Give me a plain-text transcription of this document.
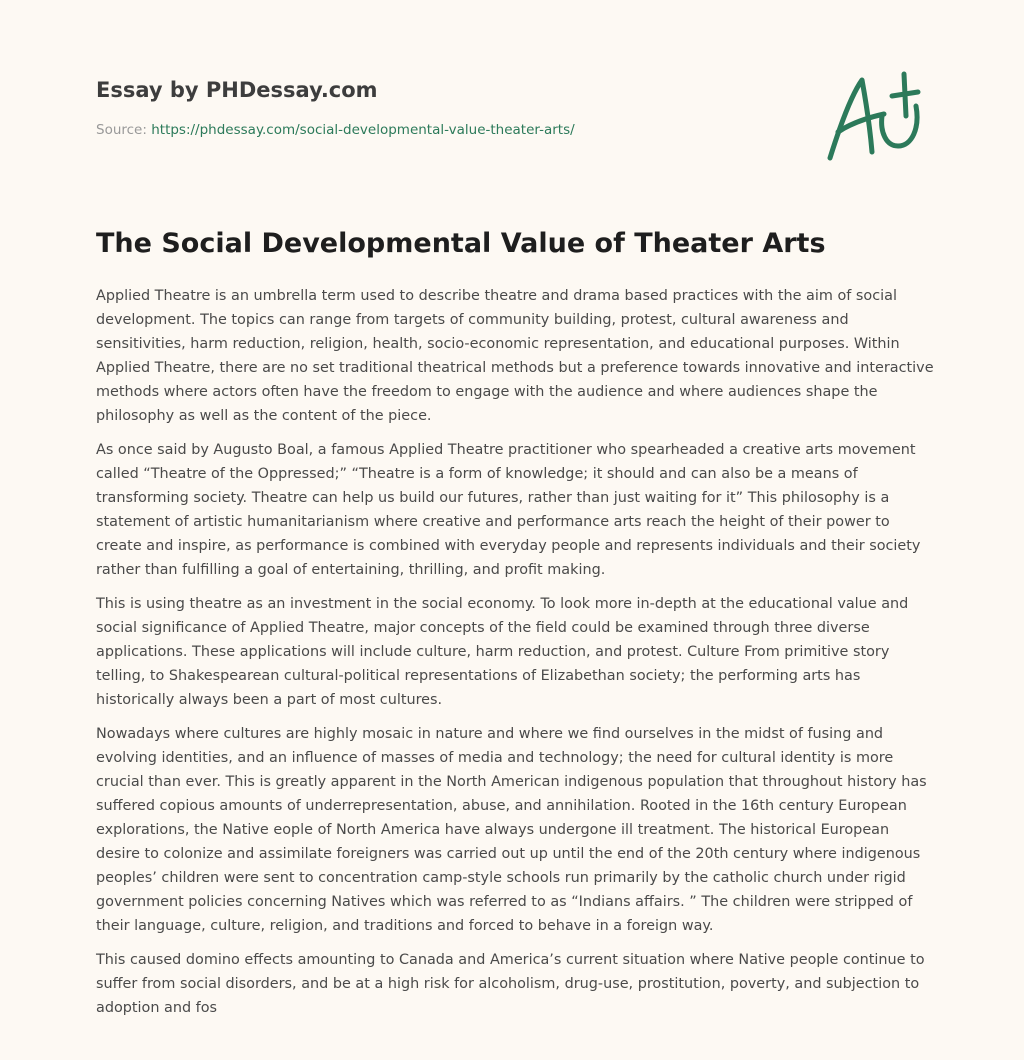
Essay by PHDessay.com
Source: https://phdessay.com/social-developmental-value-theater-arts/
The Social Developmental Value of Theater Arts

Applied Theatre is an umbrella term used to describe theatre and drama based practices with the aim of social development. The topics can range from targets of community building, protest, cultural awareness and sensitivities, harm reduction, religion, health, socio-economic representation, and educational purposes. Within Applied Theatre, there are no set traditional theatrical methods but a preference towards innovative and interactive methods where actors often have the freedom to engage with the audience and where audiences shape the philosophy as well as the content of the piece.

As once said by Augusto Boal, a famous Applied Theatre practitioner who spearheaded a creative arts movement called “Theatre of the Oppressed;” “Theatre is a form of knowledge; it should and can also be a means of transforming society. Theatre can help us build our futures, rather than just waiting for it” This philosophy is a statement of artistic humanitarianism where creative and performance arts reach the height of their power to create and inspire, as performance is combined with everyday people and represents individuals and their society rather than fulfilling a goal of entertaining, thrilling, and profit making.

This is using theatre as an investment in the social economy. To look more in-depth at the educational value and social significance of Applied Theatre, major concepts of the field could be examined through three diverse applications. These applications will include culture, harm reduction, and protest. Culture From primitive story telling, to Shakespearean cultural-political representations of Elizabethan society; the performing arts has historically always been a part of most cultures.

Nowadays where cultures are highly mosaic in nature and where we find ourselves in the midst of fusing and evolving identities, and an influence of masses of media and technology; the need for cultural identity is more crucial than ever. This is greatly apparent in the North American indigenous population that throughout history has suffered copious amounts of underrepresentation, abuse, and annihilation. Rooted in the 16th century European explorations, the Native eople of North America have always undergone ill treatment. The historical European desire to colonize and assimilate foreigners was carried out up until the end of the 20th century where indigenous peoples’ children were sent to concentration camp-style schools run primarily by the catholic church under rigid government policies concerning Natives which was referred to as “Indians affairs. ” The children were stripped of their language, culture, religion, and traditions and forced to behave in a foreign way.

This caused domino effects amounting to Canada and America’s current situation where Native people continue to suffer from social disorders, and be at a high risk for alcoholism, drug-use, prostitution, poverty, and subjection to adoption and fos
